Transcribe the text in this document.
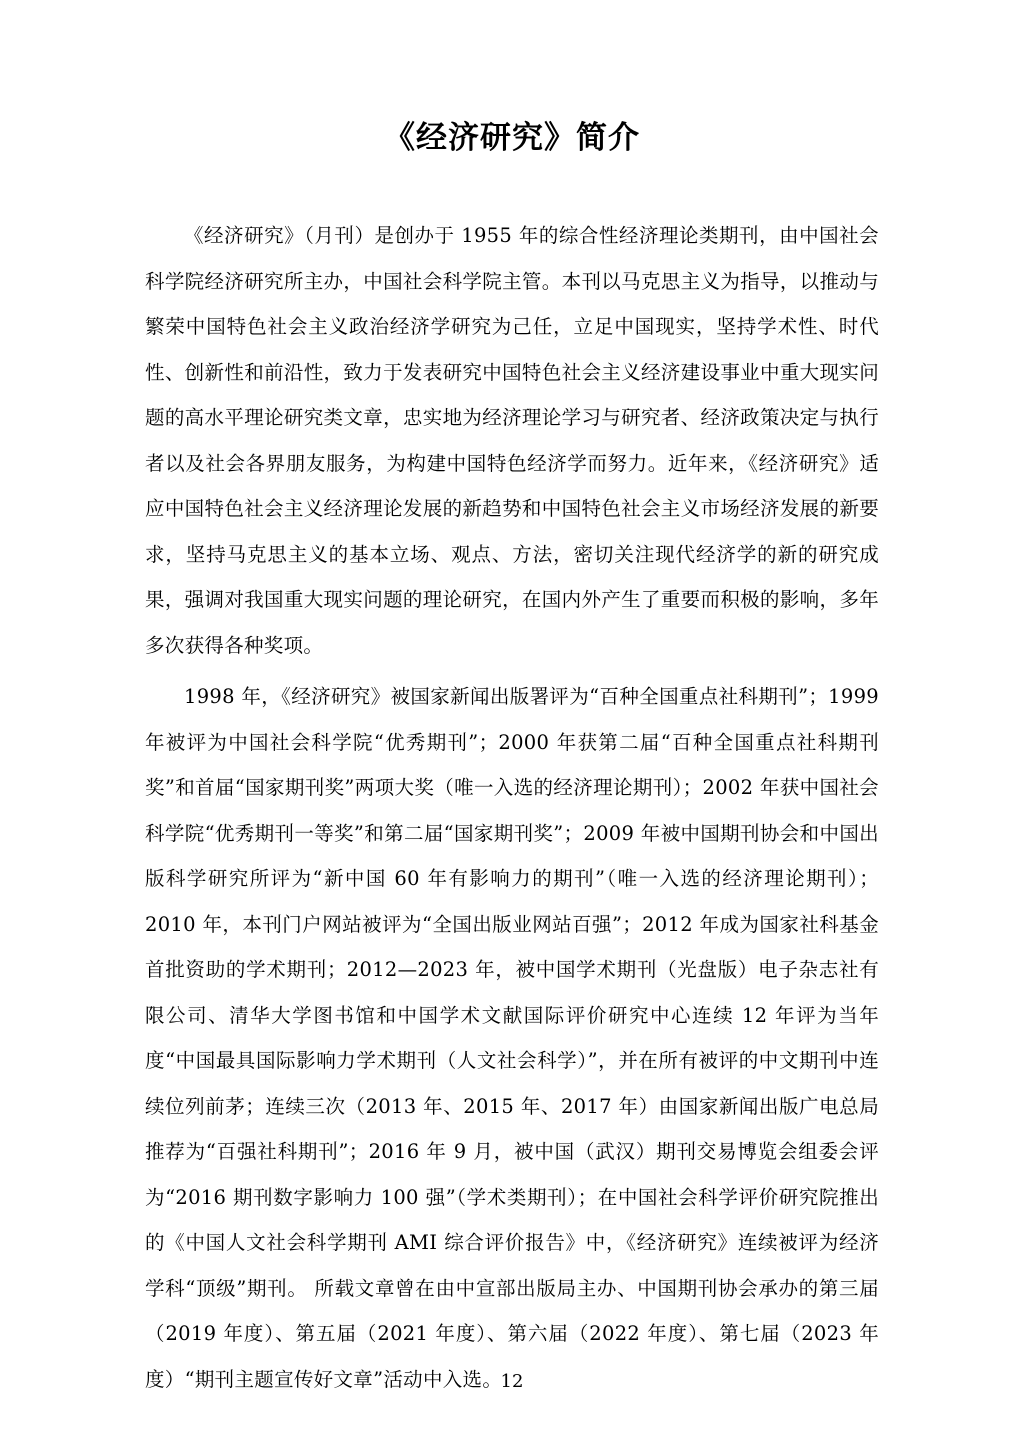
《经济研究》简介

《经济研究》（月刊）是创办于 1955 年的综合性经济理论类期刊，由中国社会科学院经济研究所主办，中国社会科学院主管。本刊以马克思主义为指导，以推动与繁荣中国特色社会主义政治经济学研究为己任，立足中国现实，坚持学术性、时代性、创新性和前沿性，致力于发表研究中国特色社会主义经济建设事业中重大现实问题的高水平理论研究类文章，忠实地为经济理论学习与研究者、经济政策决定与执行者以及社会各界朋友服务，为构建中国特色经济学而努力。近年来，《经济研究》适应中国特色社会主义经济理论发展的新趋势和中国特色社会主义市场经济发展的新要求，坚持马克思主义的基本立场、观点、方法，密切关注现代经济学的新的研究成果，强调对我国重大现实问题的理论研究，在国内外产生了重要而积极的影响，多年多次获得各种奖项。

1998 年，《经济研究》被国家新闻出版署评为“百种全国重点社科期刊”；1999 年被评为中国社会科学院“优秀期刊”；2000 年获第二届“百种全国重点社科期刊奖”和首届“国家期刊奖”两项大奖（唯一入选的经济理论期刊）；2002 年获中国社会科学院“优秀期刊一等奖”和第二届“国家期刊奖”；2009 年被中国期刊协会和中国出版科学研究所评为“新中国 60 年有影响力的期刊”（唯一入选的经济理论期刊）；2010 年，本刊门户网站被评为“全国出版业网站百强”；2012 年成为国家社科基金首批资助的学术期刊；2012—2023 年，被中国学术期刊（光盘版）电子杂志社有限公司、清华大学图书馆和中国学术文献国际评价研究中心连续 12 年评为当年度“中国最具国际影响力学术期刊（人文社会科学）”，并在所有被评的中文期刊中连续位列前茅；连续三次（2013 年、2015 年、2017 年）由国家新闻出版广电总局推荐为“百强社科期刊”；2016 年 9 月，被中国（武汉）期刊交易博览会组委会评为“2016 期刊数字影响力 100 强”（学术类期刊）；在中国社会科学评价研究院推出的《中国人文社会科学期刊 AMI 综合评价报告》中，《经济研究》连续被评为经济学科“顶级”期刊。 所载文章曾在由中宣部出版局主办、中国期刊协会承办的第三届（2019 年度）、第五届（2021 年度）、第六届（2022 年度）、第七届（2023 年度）“期刊主题宣传好文章”活动中入选。

12
